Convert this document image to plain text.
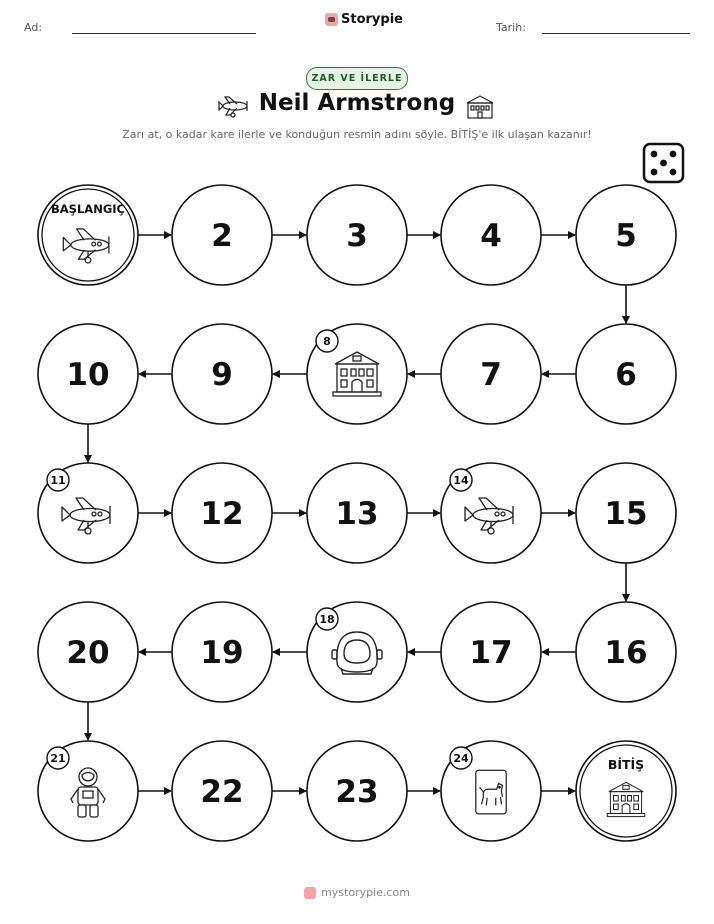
Ad:
Storypie
Tarih:
ZAR VE İLERLE
Neil Armstrong
Zarı at, o kadar kare ilerle ve konduğun resmin adını söyle. BİTİŞ'e ilk ulaşan kazanır!
BAŞLANGIÇ
2	3	4	5
6
7
8
9
10
11
12	13
14
15
16
17
18
19
20
21
22	23
24	BİTİŞ
mystorypie.com
